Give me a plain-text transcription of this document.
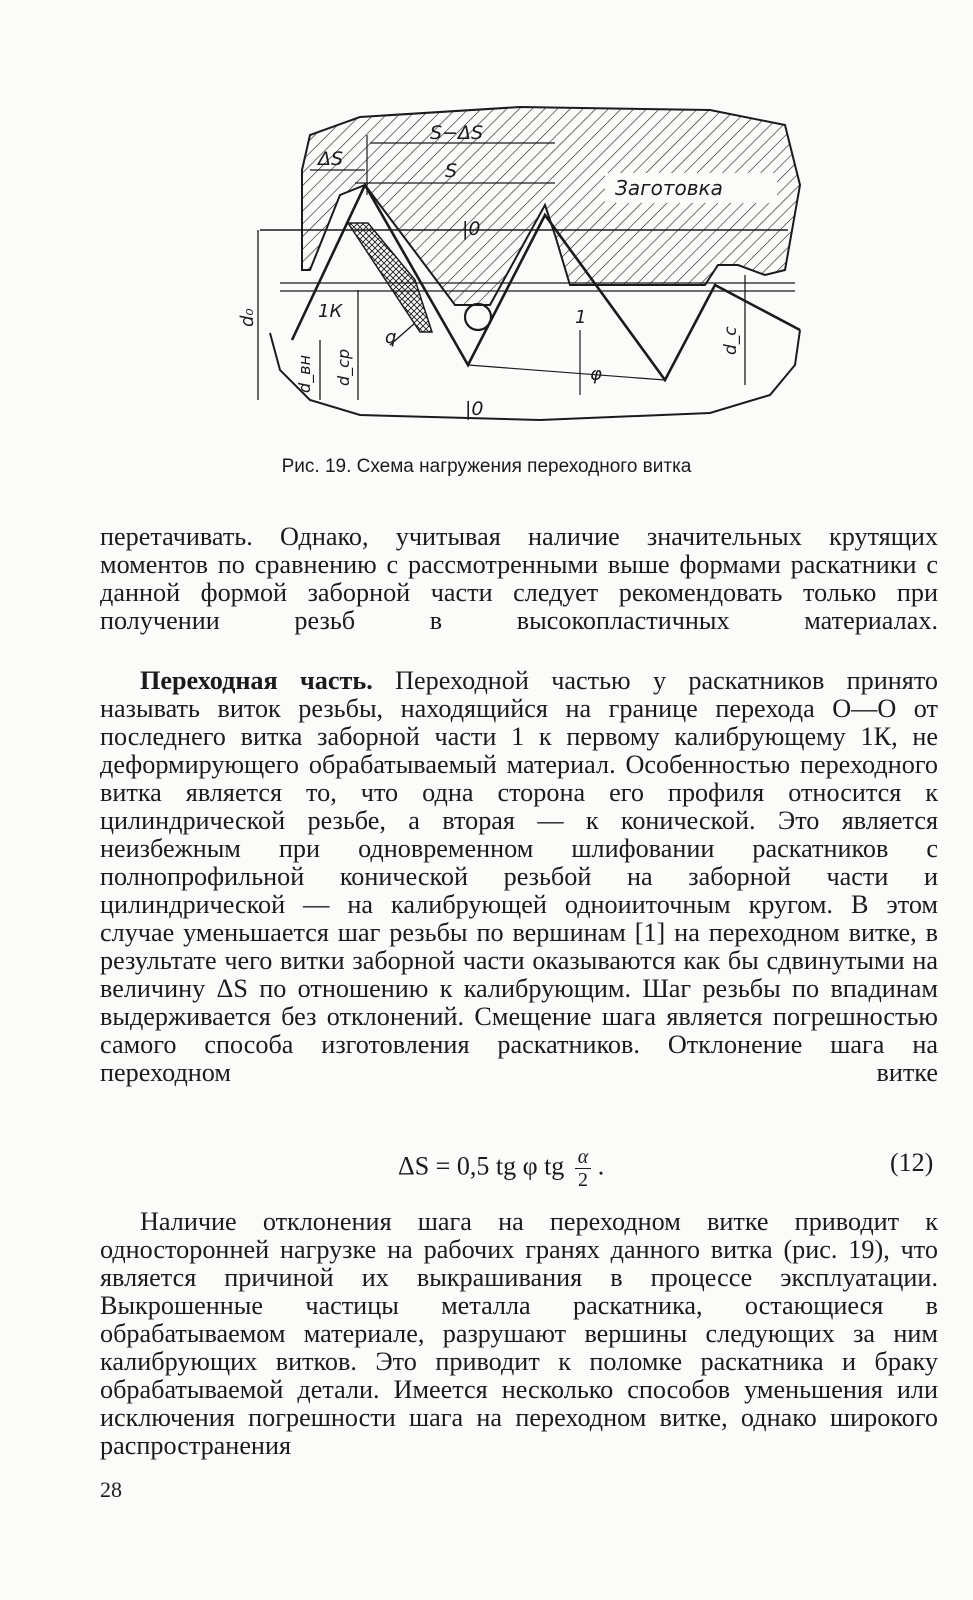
ΔS
S−ΔS
S
Заготовка
|0
|0
d₀
d_вн d_ср
d_c
1К	1
q
φ
Рис. 19. Схема нагружения переходного витка
перетачивать. Однако, учитывая наличие значительных крутящих моментов по сравнению с рассмотренными выше формами раскатники с данной формой заборной части следует рекомендовать только при получении резьб в высокопластичных материалах.
Переходная часть. Переходной частью у раскатников принято называть виток резьбы, находящийся на границе перехода О—О от последнего витка заборной части 1 к первому калибрующему 1К, не деформирующего обрабатываемый материал. Особенностью переходного витка является то, что одна сторона его профиля относится к цилиндрической резьбе, а вторая — к конической. Это является неизбежным при одновременном шлифовании раскатников с полнопрофильной конической резьбой на заборной части и цилиндрической — на калибрующей одноииточным кругом. В этом случае уменьшается шаг резьбы по вершинам [1] на переходном витке, в результате чего витки заборной части оказываются как бы сдвинутыми на величину ΔS по отношению к калибрующим. Шаг резьбы по впадинам выдерживается без отклонений. Смещение шага является погрешностью самого способа изготовления раскатников. Отклонение шага на переходном витке
ΔS = 0,5 tg φ tg $\frac{\alpha}{2}$ .	(12)
Наличие отклонения шага на переходном витке приводит к односторонней нагрузке на рабочих гранях данного витка (рис. 19), что является причиной их выкрашивания в процессе эксплуатации. Выкрошенные частицы металла раскатника, остающиеся в обрабатываемом материале, разрушают вершины следующих за ним калибрующих витков. Это приводит к поломке раскатника и браку обрабатываемой детали. Имеется несколько способов уменьшения или исключения погрешности шага на переходном витке, однако широкого распространения
28
